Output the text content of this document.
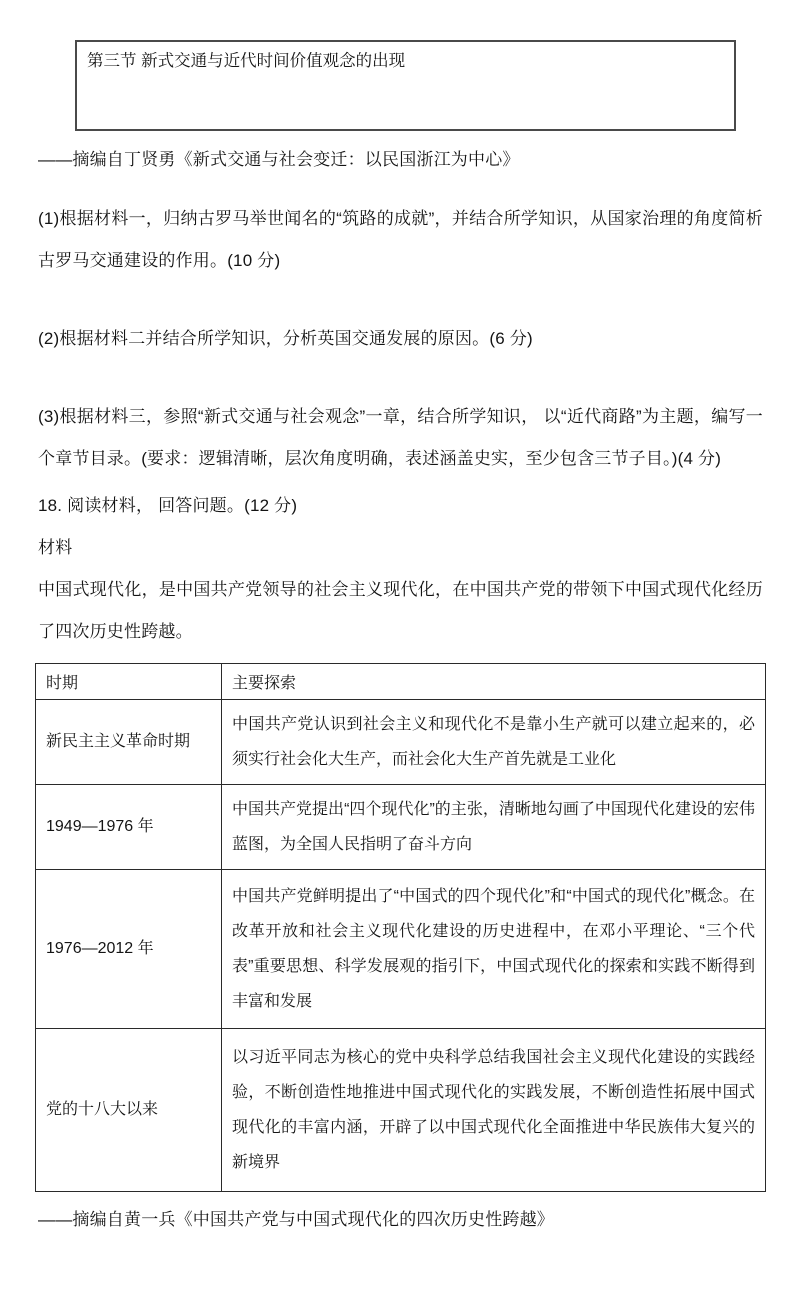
第三节 新式交通与近代时间价值观念的出现
——摘编自丁贤勇《新式交通与社会变迁：以民国浙江为中心》
(1)根据材料一，归纳古罗马举世闻名的“筑路的成就”，并结合所学知识，从国家治理的角度简析古罗马交通建设的作用。(10 分)
(2)根据材料二并结合所学知识，分析英国交通发展的原因。(6 分)
(3)根据材料三，参照“新式交通与社会观念”一章，结合所学知识， 以“近代商路”为主题，编写一个章节目录。(要求：逻辑清晰，层次角度明确，表述涵盖史实，至少包含三节子目。)(4 分)
18. 阅读材料， 回答问题。(12 分)
材料
中国式现代化，是中国共产党领导的社会主义现代化，在中国共产党的带领下中国式现代化经历了四次历史性跨越。
时期	主要探索
新民主主义革命时期	中国共产党认识到社会主义和现代化不是靠小生产就可以建立起来的，必须实行社会化大生产，而社会化大生产首先就是工业化
1949—1976 年	中国共产党提出“四个现代化”的主张，清晰地勾画了中国现代化建设的宏伟蓝图，为全国人民指明了奋斗方向
1976—2012 年	中国共产党鲜明提出了“中国式的四个现代化”和“中国式的现代化”概念。在改革开放和社会主义现代化建设的历史进程中，在邓小平理论、“三个代表”重要思想、科学发展观的指引下，中国式现代化的探索和实践不断得到丰富和发展
党的十八大以来	以习近平同志为核心的党中央科学总结我国社会主义现代化建设的实践经验，不断创造性地推进中国式现代化的实践发展，不断创造性拓展中国式现代化的丰富内涵，开辟了以中国式现代化全面推进中华民族伟大复兴的新境界
——摘编自黄一兵《中国共产党与中国式现代化的四次历史性跨越》
